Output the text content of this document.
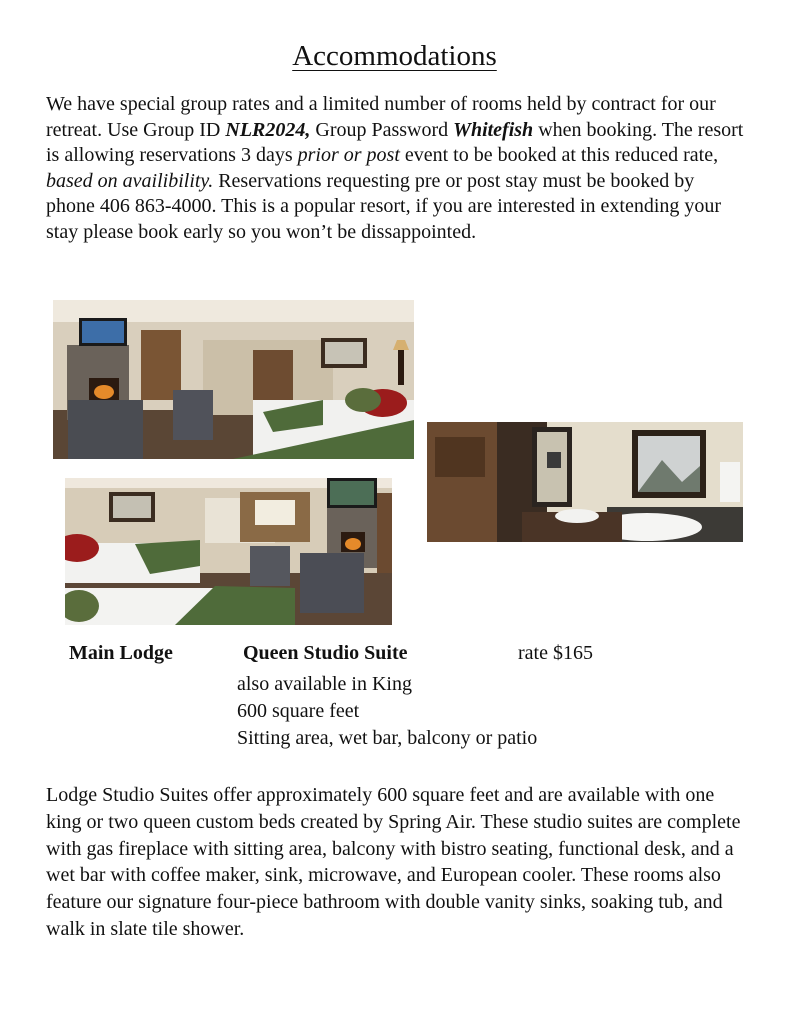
Accommodations
We have special group rates and a limited number of rooms held by contract for our retreat. Use Group ID NLR2024, Group Password Whitefish when booking. The resort is allowing reservations 3 days prior or post event to be booked at this reduced rate, based on availibility. Reservations requesting pre or post stay must be booked by phone 406 863-4000. This is a popular resort, if you are interested in extending your stay please book early so you won’t be dissappointed.
Main Lodge	Queen Studio Suite	rate $165
also available in King
600 square feet
Sitting area, wet bar, balcony or patio
Lodge Studio Suites offer approximately 600 square feet and are available with one king or two queen custom beds created by Spring Air. These studio suites are complete with gas fireplace with sitting area, balcony with bistro seating, functional desk, and a wet bar with coffee maker, sink, microwave, and European cooler. These rooms also feature our signature four-piece bathroom with double vanity sinks, soaking tub, and walk in slate tile shower.
